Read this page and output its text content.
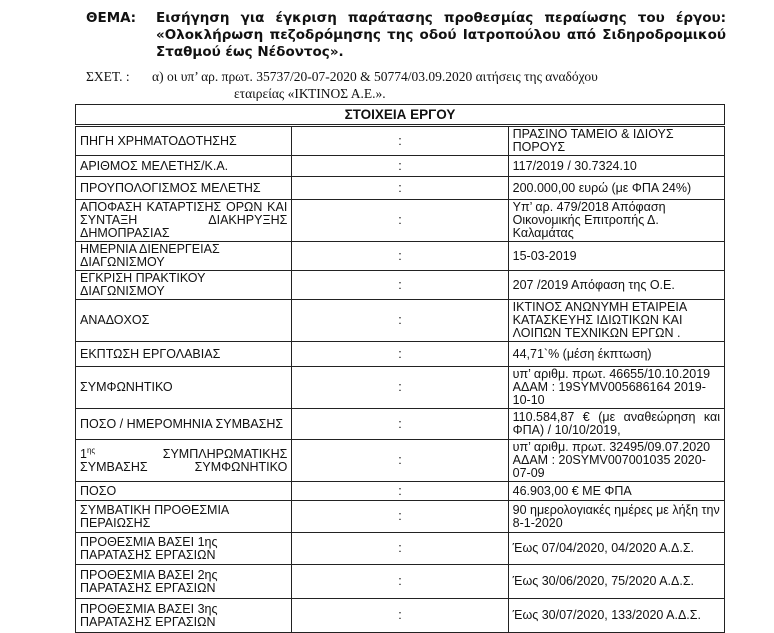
ΘΕΜΑ: Εισήγηση για έγκριση παράτασης προθεσμίας περαίωσης του έργου: «Ολοκλήρωση πεζοδρόμησης της οδού Ιατροπούλου από Σιδηροδρομικού Σταθμού έως Νέδοντος».
ΣΧΕΤ. : α) οι υπ’ αρ. πρωτ. 35737/20-07-2020 & 50774/03.09.2020 αιτήσεις της αναδόχου
εταιρείας «ΙΚΤΙΝΟΣ Α.Ε.».
ΣΤΟΙΧΕΙΑ ΕΡΓΟΥ		
ΠΗΓΗ ΧΡΗΜΑΤΟΔΟΤΗΣΗΣ	:	ΠΡΑΣΙΝΟ ΤΑΜΕΙΟ & ΙΔΙΟΥΣ ΠΟΡΟΥΣ
ΑΡΙΘΜΟΣ ΜΕΛΕΤΗΣ/Κ.Α.	:	117/2019 / 30.7324.10
ΠΡΟΥΠΟΛΟΓΙΣΜΟΣ ΜΕΛΕΤΗΣ	:	200.000,00 ευρώ (με ΦΠΑ 24%)
ΑΠΟΦΑΣΗ ΚΑΤΑΡΤΙΣΗΣ ΟΡΩΝ ΚΑΙ ΣΥΝΤΑΞΗ ΔΙΑΚΗΡΥΞΗΣ ΔΗΜΟΠΡΑΣΙΑΣ	:	Υπ’ αρ. 479/2018 Απόφαση Οικονομικής Επιτροπής Δ. Καλαμάτας
ΗΜΕΡΝΙΑ ΔΙΕΝΕΡΓΕΙΑΣ ΔΙΑΓΩΝΙΣΜΟΥ	:	15-03-2019
ΕΓΚΡΙΣΗ ΠΡΑΚΤΙΚΟΥ ΔΙΑΓΩΝΙΣΜΟΥ	:	207 /2019 Απόφαση της Ο.Ε.
ΑΝΑΔΟΧΟΣ	:	ΙΚΤΙΝΟΣ ΑΝΩΝΥΜΗ ΕΤΑΙΡΕΙΑ ΚΑΤΑΣΚΕΥΗΣ ΙΔΙΩΤΙΚΩΝ ΚΑΙ ΛΟΙΠΩΝ ΤΕΧΝΙΚΩΝ ΕΡΓΩΝ .
ΕΚΠΤΩΣΗ ΕΡΓΟΛΑΒΙΑΣ	:	44,71`% (μέση έκπτωση)
ΣΥΜΦΩΝΗΤΙΚΟ	:	υπ’ αριθμ. πρωτ. 46655/10.10.2019 ΑΔΑΜ : 19SYMV005686164 2019-10-10
ΠΟΣΟ / ΗΜΕΡΟΜΗΝΙΑ ΣΥΜΒΑΣΗΣ	:	110.584,87 € (με αναθεώρηση και ΦΠΑ) / 10/10/2019,
$1^{\eta\varsigma}$ ΣΥΜΠΛΗΡΩΜΑΤΙΚΗΣ ΣΥΜΒΑΣΗΣ ΣΥΜΦΩΝΗΤΙΚΟ	:	υπ’ αριθμ. πρωτ. 32495/09.07.2020 ΑΔΑΜ : 20SYMV007001035 2020-07-09
ΠΟΣΟ	:	46.903,00 € ΜΕ ΦΠΑ
ΣΥΜΒΑΤΙΚΗ ΠΡΟΘΕΣΜΙΑ ΠΕΡΑΙΩΣΗΣ	:	90 ημερολογιακές ημέρες με λήξη την 8-1-2020
ΠΡΟΘΕΣΜΙΑ ΒΑΣΕΙ 1ης ΠΑΡΑΤΑΣΗΣ ΕΡΓΑΣΙΩΝ	:	Έως 07/04/2020, 04/2020 Α.Δ.Σ.
ΠΡΟΘΕΣΜΙΑ ΒΑΣΕΙ 2ης ΠΑΡΑΤΑΣΗΣ ΕΡΓΑΣΙΩΝ	:	Έως 30/06/2020, 75/2020 Α.Δ.Σ.
ΠΡΟΘΕΣΜΙΑ ΒΑΣΕΙ 3ης ΠΑΡΑΤΑΣΗΣ ΕΡΓΑΣΙΩΝ	:	Έως 30/07/2020, 133/2020 Α.Δ.Σ.
